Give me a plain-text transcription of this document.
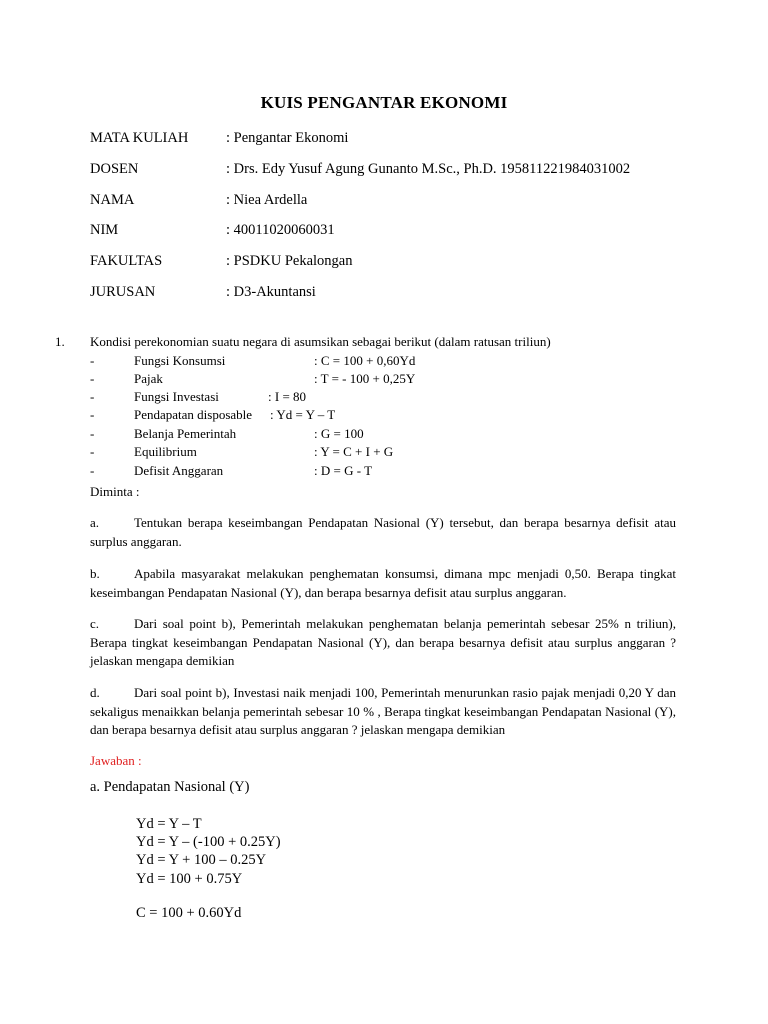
KUIS PENGANTAR EKONOMI
MATA KULIAH	: Pengantar Ekonomi
DOSEN	: Drs. Edy Yusuf Agung Gunanto M.Sc., Ph.D. 195811221984031002
NAMA	: Niea Ardella
NIM	: 40011020060031
FAKULTAS	: PSDKU Pekalongan
JURUSAN	: D3-Akuntansi
1. Kondisi perekonomian suatu negara di asumsikan sebagai berikut (dalam ratusan triliun)
-	Fungsi Konsumsi	: C = 100 + 0,60Yd
-	Pajak	: T = - 100 + 0,25Y
-	Fungsi Investasi	: I = 80
-	Pendapatan disposable : Yd = Y – T
-	Belanja Pemerintah	: G = 100
-	Equilibrium	: Y = C + I + G
-	Defisit Anggaran	: D = G - T
Diminta :
a.	Tentukan berapa keseimbangan Pendapatan Nasional (Y) tersebut, dan berapa besarnya defisit atau surplus anggaran.
b.	Apabila masyarakat melakukan penghematan konsumsi, dimana mpc menjadi 0,50. Berapa tingkat keseimbangan Pendapatan Nasional (Y), dan berapa besarnya defisit atau surplus anggaran.
c.	Dari soal point b), Pemerintah melakukan penghematan belanja pemerintah sebesar 25% n triliun), Berapa tingkat keseimbangan Pendapatan Nasional (Y), dan berapa besarnya defisit atau surplus anggaran ? jelaskan mengapa demikian
d.	Dari soal point b), Investasi naik menjadi 100, Pemerintah menurunkan rasio pajak menjadi 0,20 Y dan sekaligus menaikkan belanja pemerintah sebesar 10 % , Berapa tingkat keseimbangan Pendapatan Nasional (Y), dan berapa besarnya defisit atau surplus anggaran ? jelaskan mengapa demikian
Jawaban :
a. Pendapatan Nasional (Y)
Yd = Y – T
Yd = Y – (-100 + 0.25Y)
Yd = Y + 100 – 0.25Y
Yd = 100 + 0.75Y
C = 100 + 0.60Yd
